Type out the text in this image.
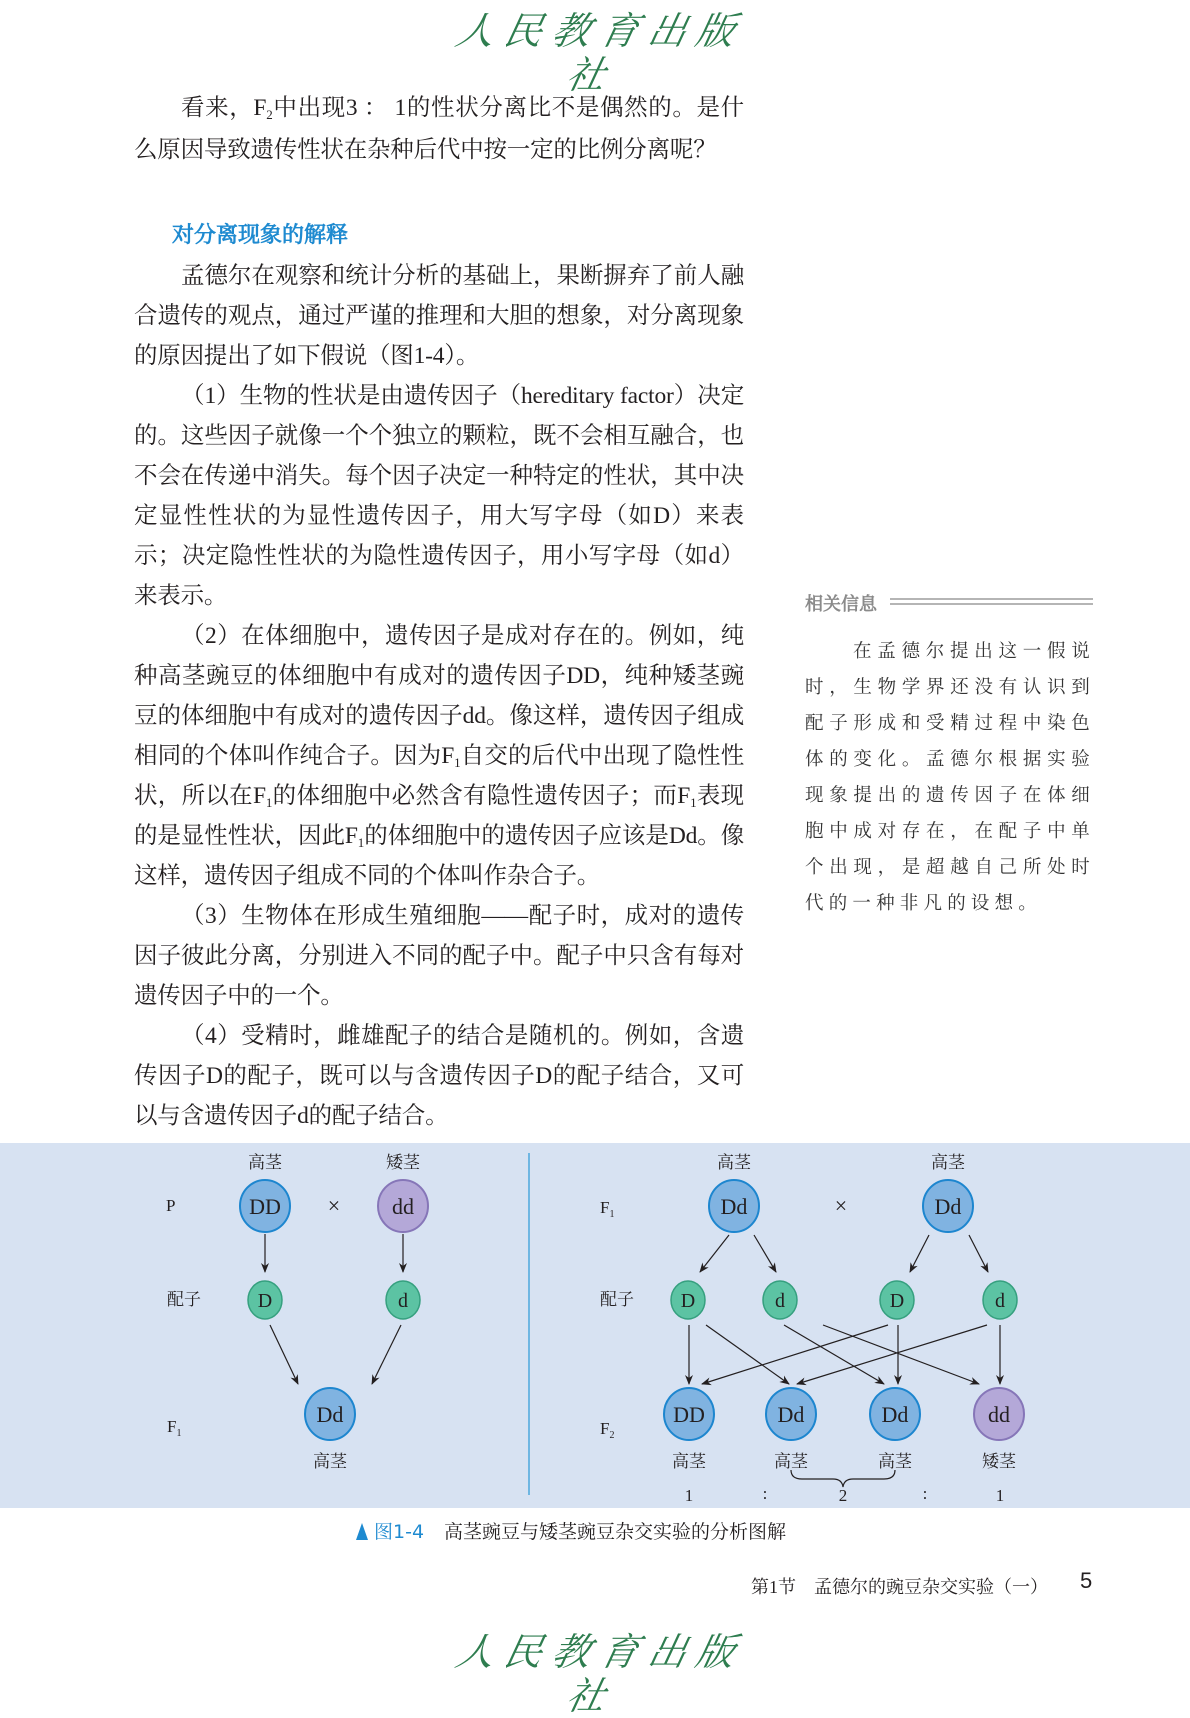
人民教育出版社

看来，$F_2$中出现3 ： 1的性状分离比不是偶然的。是什么原因导致遗传性状在杂种后代中按一定的比例分离呢？

对分离现象的解释

孟德尔在观察和统计分析的基础上，果断摒弃了前人融合遗传的观点，通过严谨的推理和大胆的想象，对分离现象的原因提出了如下假说（图1-4）。

（1）生物的性状是由遗传因子（hereditary factor）决定的。这些因子就像一个个独立的颗粒，既不会相互融合，也不会在传递中消失。每个因子决定一种特定的性状，其中决定显性性状的为显性遗传因子，用大写字母（如D）来表示；决定隐性性状的为隐性遗传因子，用小写字母（如d）来表示。

（2）在体细胞中，遗传因子是成对存在的。例如，纯种高茎豌豆的体细胞中有成对的遗传因子DD，纯种矮茎豌豆的体细胞中有成对的遗传因子dd。像这样，遗传因子组成相同的个体叫作纯合子。因为$F_1$自交的后代中出现了隐性性状，所以在$F_1$的体细胞中必然含有隐性遗传因子；而$F_1$表现的是显性性状，因此$F_1$的体细胞中的遗传因子应该是Dd。像这样，遗传因子组成不同的个体叫作杂合子。

（3）生物体在形成生殖细胞——配子时，成对的遗传因子彼此分离，分别进入不同的配子中。配子中只含有每对遗传因子中的一个。

（4）受精时，雌雄配子的结合是随机的。例如，含遗传因子D的配子，既可以与含遗传因子D的配子结合，又可以与含遗传因子d的配子结合。

相关信息

在孟德尔提出这一假说时，生物学界还没有认识到配子形成和受精过程中染色体的变化。孟德尔根据实验现象提出的遗传因子在体细胞中成对存在，在配子中单个出现，是超越自己所处时代的一种非凡的设想。

P
配子
$F_1$
高茎	矮茎
DD × dd
D	d
Dd
高茎
$F_1$
配子
$F_2$
高茎	高茎
Dd	×	Dd
D	d	D	d
DD	Dd	Dd	dd
高茎	高茎	高茎	矮茎
1	:	2	:	1
图1-4 高茎豌豆与矮茎豌豆杂交实验的分析图解
第1节　孟德尔的豌豆杂交实验（一） 5
人民教育出版社
